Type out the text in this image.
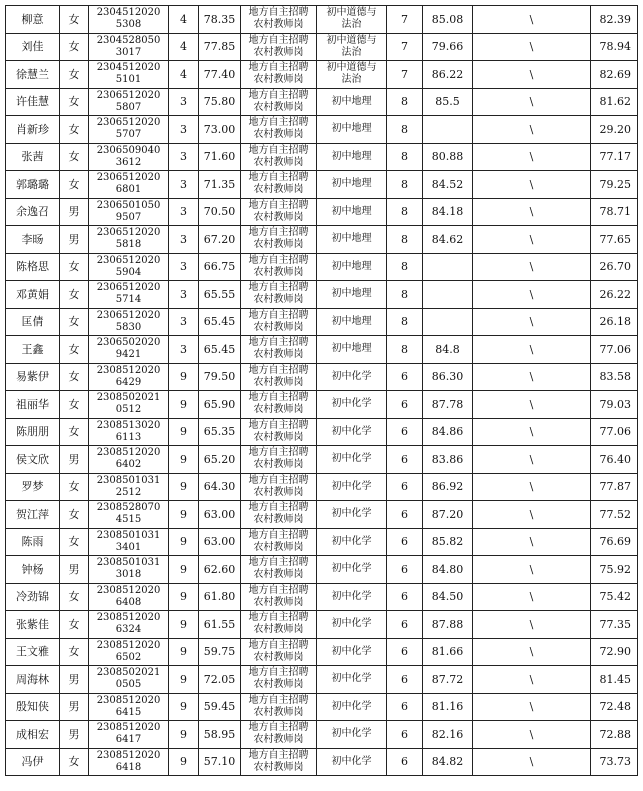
柳意	女	2304512020
5308	4	78.35	地方自主招聘
农村教师岗	初中道德与
法治	7	85.08	\	82.39
刘佳	女	2304528050
3017	4	77.85	地方自主招聘
农村教师岗	初中道德与
法治	7	79.66	\	78.94
徐慧兰	女	2304512020
5101	4	77.40	地方自主招聘
农村教师岗	初中道德与
法治	7	86.22	\	82.69
许佳慧	女	2306512020
5807	3	75.80	地方自主招聘
农村教师岗	初中地理	8	85.5	\	81.62
肖新珍	女	2306512020
5707	3	73.00	地方自主招聘
农村教师岗	初中地理	8		\	29.20
张茜	女	2306509040
3612	3	71.60	地方自主招聘
农村教师岗	初中地理	8	80.88	\	77.17
郭璐璐	女	2306512020
6801	3	71.35	地方自主招聘
农村教师岗	初中地理	8	84.52	\	79.25
余逸召	男	2306501050
9507	3	70.50	地方自主招聘
农村教师岗	初中地理	8	84.18	\	78.71
李旸	男	2306512020
5818	3	67.20	地方自主招聘
农村教师岗	初中地理	8	84.62	\	77.65
陈格思	女	2306512020
5904	3	66.75	地方自主招聘
农村教师岗	初中地理	8		\	26.70
邓黄娟	女	2306512020
5714	3	65.55	地方自主招聘
农村教师岗	初中地理	8		\	26.22
匡倩	女	2306512020
5830	3	65.45	地方自主招聘
农村教师岗	初中地理	8		\	26.18
王鑫	女	2306502020
9421	3	65.45	地方自主招聘
农村教师岗	初中地理	8	84.8	\	77.06
易紫伊	女	2308512020
6429	9	79.50	地方自主招聘
农村教师岗	初中化学	6	86.30	\	83.58
祖丽华	女	2308502021
0512	9	65.90	地方自主招聘
农村教师岗	初中化学	6	87.78	\	79.03
陈朋朋	女	2308513020
6113	9	65.35	地方自主招聘
农村教师岗	初中化学	6	84.86	\	77.06
侯文欣	男	2308512020
6402	9	65.20	地方自主招聘
农村教师岗	初中化学	6	83.86	\	76.40
罗梦	女	2308501031
2512	9	64.30	地方自主招聘
农村教师岗	初中化学	6	86.92	\	77.87
贺江萍	女	2308528070
4515	9	63.00	地方自主招聘
农村教师岗	初中化学	6	87.20	\	77.52
陈雨	女	2308501031
3401	9	63.00	地方自主招聘
农村教师岗	初中化学	6	85.82	\	76.69
钟杨	男	2308501031
3018	9	62.60	地方自主招聘
农村教师岗	初中化学	6	84.80	\	75.92
冷劲锦	女	2308512020
6408	9	61.80	地方自主招聘
农村教师岗	初中化学	6	84.50	\	75.42
张紫佳	女	2308512020
6324	9	61.55	地方自主招聘
农村教师岗	初中化学	6	87.88	\	77.35
王文雅	女	2308512020
6502	9	59.75	地方自主招聘
农村教师岗	初中化学	6	81.66	\	72.90
周海林	男	2308502021
0505	9	72.05	地方自主招聘
农村教师岗	初中化学	6	87.72	\	81.45
殷知侠	男	2308512020
6415	9	59.45	地方自主招聘
农村教师岗	初中化学	6	81.16	\	72.48
成相宏	男	2308512020
6417	9	58.95	地方自主招聘
农村教师岗	初中化学	6	82.16	\	72.88
冯伊	女	2308512020
6418	9	57.10	地方自主招聘
农村教师岗	初中化学	6	84.82	\	73.73
